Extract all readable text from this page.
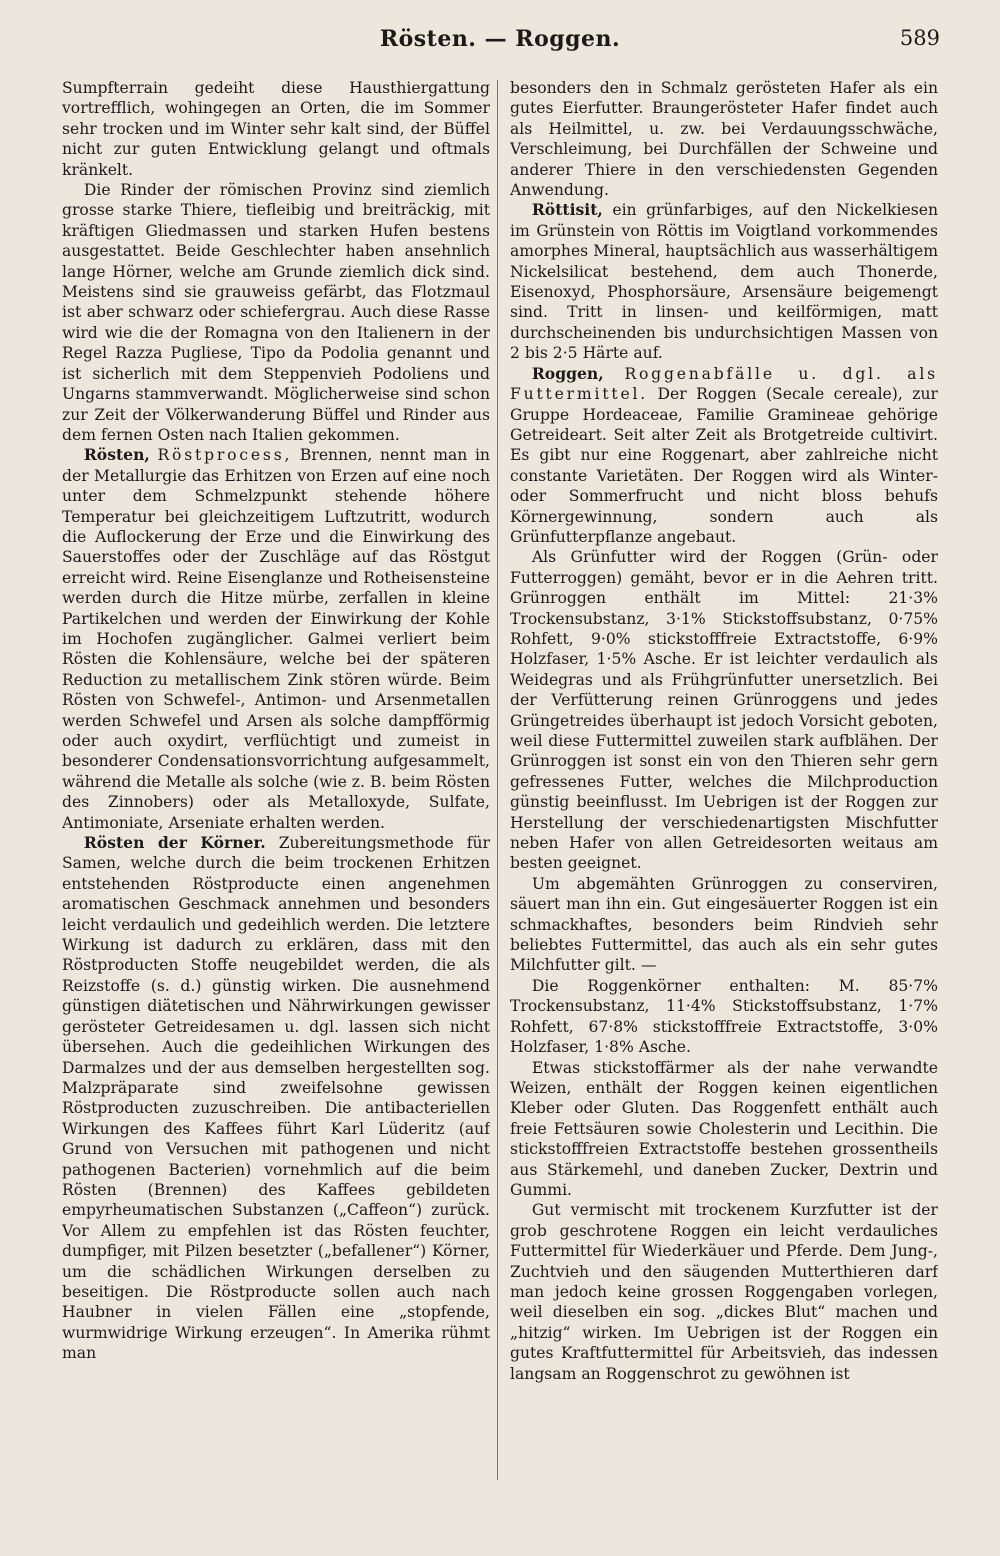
Rösten. — Roggen.	589

Sumpfterrain gedeiht diese Hausthiergattung vortrefflich, wohingegen an Orten, die im Sommer sehr trocken und im Winter sehr kalt sind, der Büffel nicht zur guten Entwicklung gelangt und oftmals kränkelt.

Die Rinder der römischen Provinz sind ziemlich grosse starke Thiere, tiefleibig und breiträckig, mit kräftigen Gliedmassen und starken Hufen bestens ausgestattet. Beide Geschlechter haben ansehnlich lange Hörner, welche am Grunde ziemlich dick sind. Meistens sind sie grauweiss gefärbt, das Flotzmaul ist aber schwarz oder schiefergrau. Auch diese Rasse wird wie die der Romagna von den Italienern in der Regel Razza Pugliese, Tipo da Podolia genannt und ist sicherlich mit dem Steppenvieh Podoliens und Ungarns stammverwandt. Möglicherweise sind schon zur Zeit der Völkerwanderung Büffel und Rinder aus dem fernen Osten nach Italien gekommen.

Rösten, Röstprocess, Brennen, nennt man in der Metallurgie das Erhitzen von Erzen auf eine noch unter dem Schmelzpunkt stehende höhere Temperatur bei gleichzeitigem Luftzutritt, wodurch die Auflockerung der Erze und die Einwirkung des Sauerstoffes oder der Zuschläge auf das Röstgut erreicht wird. Reine Eisenglanze und Rotheisensteine werden durch die Hitze mürbe, zerfallen in kleine Partikelchen und werden der Einwirkung der Kohle im Hochofen zugänglicher. Galmei verliert beim Rösten die Kohlensäure, welche bei der späteren Reduction zu metallischem Zink stören würde. Beim Rösten von Schwefel-, Antimon- und Arsenmetallen werden Schwefel und Arsen als solche dampfförmig oder auch oxydirt, verflüchtigt und zumeist in besonderer Condensationsvorrichtung aufgesammelt, während die Metalle als solche (wie z. B. beim Rösten des Zinnobers) oder als Metalloxyde, Sulfate, Antimoniate, Arseniate erhalten werden.

Rösten der Körner. Zubereitungsmethode für Samen, welche durch die beim trockenen Erhitzen entstehenden Röstproducte einen angenehmen aromatischen Geschmack annehmen und besonders leicht verdaulich und gedeihlich werden. Die letztere Wirkung ist dadurch zu erklären, dass mit den Röstproducten Stoffe neugebildet werden, die als Reizstoffe (s. d.) günstig wirken. Die ausnehmend günstigen diätetischen und Nährwirkungen gewisser gerösteter Getreidesamen u. dgl. lassen sich nicht übersehen. Auch die gedeihlichen Wirkungen des Darmalzes und der aus demselben hergestellten sog. Malzpräparate sind zweifelsohne gewissen Röstproducten zuzuschreiben. Die antibacteriellen Wirkungen des Kaffees führt Karl Lüderitz (auf Grund von Versuchen mit pathogenen und nicht pathogenen Bacterien) vornehmlich auf die beim Rösten (Brennen) des Kaffees gebildeten empyrheumatischen Substanzen („Caffeon“) zurück. Vor Allem zu empfehlen ist das Rösten feuchter, dumpfiger, mit Pilzen besetzter („befallener“) Körner, um die schädlichen Wirkungen derselben zu beseitigen. Die Röstproducte sollen auch nach Haubner in vielen Fällen eine „stopfende, wurmwidrige Wirkung erzeugen“. In Amerika rühmt man

besonders den in Schmalz gerösteten Hafer als ein gutes Eierfutter. Braungerösteter Hafer findet auch als Heilmittel, u. zw. bei Verdauungsschwäche, Verschleimung, bei Durchfällen der Schweine und anderer Thiere in den verschiedensten Gegenden Anwendung.

Röttisit, ein grünfarbiges, auf den Nickelkiesen im Grünstein von Röttis im Voigtland vorkommendes amorphes Mineral, hauptsächlich aus wasserhältigem Nickelsilicat bestehend, dem auch Thonerde, Eisenoxyd, Phosphorsäure, Arsensäure beigemengt sind. Tritt in linsen- und keilförmigen, matt durchscheinenden bis undurchsichtigen Massen von 2 bis 2·5 Härte auf.

Roggen, Roggenabfälle u. dgl. als Futtermittel. Der Roggen (Secale cereale), zur Gruppe Hordeaceae, Familie Gramineae gehörige Getreideart. Seit alter Zeit als Brotgetreide cultivirt. Es gibt nur eine Roggenart, aber zahlreiche nicht constante Varietäten. Der Roggen wird als Winter- oder Sommerfrucht und nicht bloss behufs Körnergewinnung, sondern auch als Grünfutterpflanze angebaut.

Als Grünfutter wird der Roggen (Grün- oder Futterroggen) gemäht, bevor er in die Aehren tritt. Grünroggen enthält im Mittel: 21·3% Trockensubstanz, 3·1% Stickstoffsubstanz, 0·75% Rohfett, 9·0% stickstofffreie Extractstoffe, 6·9% Holzfaser, 1·5% Asche. Er ist leichter verdaulich als Weidegras und als Frühgrünfutter unersetzlich. Bei der Verfütterung reinen Grünroggens und jedes Grüngetreides überhaupt ist jedoch Vorsicht geboten, weil diese Futtermittel zuweilen stark aufblähen. Der Grünroggen ist sonst ein von den Thieren sehr gern gefressenes Futter, welches die Milchproduction günstig beeinflusst. Im Uebrigen ist der Roggen zur Herstellung der verschiedenartigsten Mischfutter neben Hafer von allen Getreidesorten weitaus am besten geeignet.

Um abgemähten Grünroggen zu conserviren, säuert man ihn ein. Gut eingesäuerter Roggen ist ein schmackhaftes, besonders beim Rindvieh sehr beliebtes Futtermittel, das auch als ein sehr gutes Milchfutter gilt. —

Die Roggenkörner enthalten: M. 85·7% Trockensubstanz, 11·4% Stickstoffsubstanz, 1·7% Rohfett, 67·8% stickstofffreie Extractstoffe, 3·0% Holzfaser, 1·8% Asche.

Etwas stickstoffärmer als der nahe verwandte Weizen, enthält der Roggen keinen eigentlichen Kleber oder Gluten. Das Roggenfett enthält auch freie Fettsäuren sowie Cholesterin und Lecithin. Die stickstofffreien Extractstoffe bestehen grossentheils aus Stärkemehl, und daneben Zucker, Dextrin und Gummi.

Gut vermischt mit trockenem Kurzfutter ist der grob geschrotene Roggen ein leicht verdauliches Futtermittel für Wiederkäuer und Pferde. Dem Jung-, Zuchtvieh und den säugenden Mutterthieren darf man jedoch keine grossen Roggengaben vorlegen, weil dieselben ein sog. „dickes Blut“ machen und „hitzig“ wirken. Im Uebrigen ist der Roggen ein gutes Kraftfuttermittel für Arbeitsvieh, das indessen langsam an Roggenschrot zu gewöhnen ist
